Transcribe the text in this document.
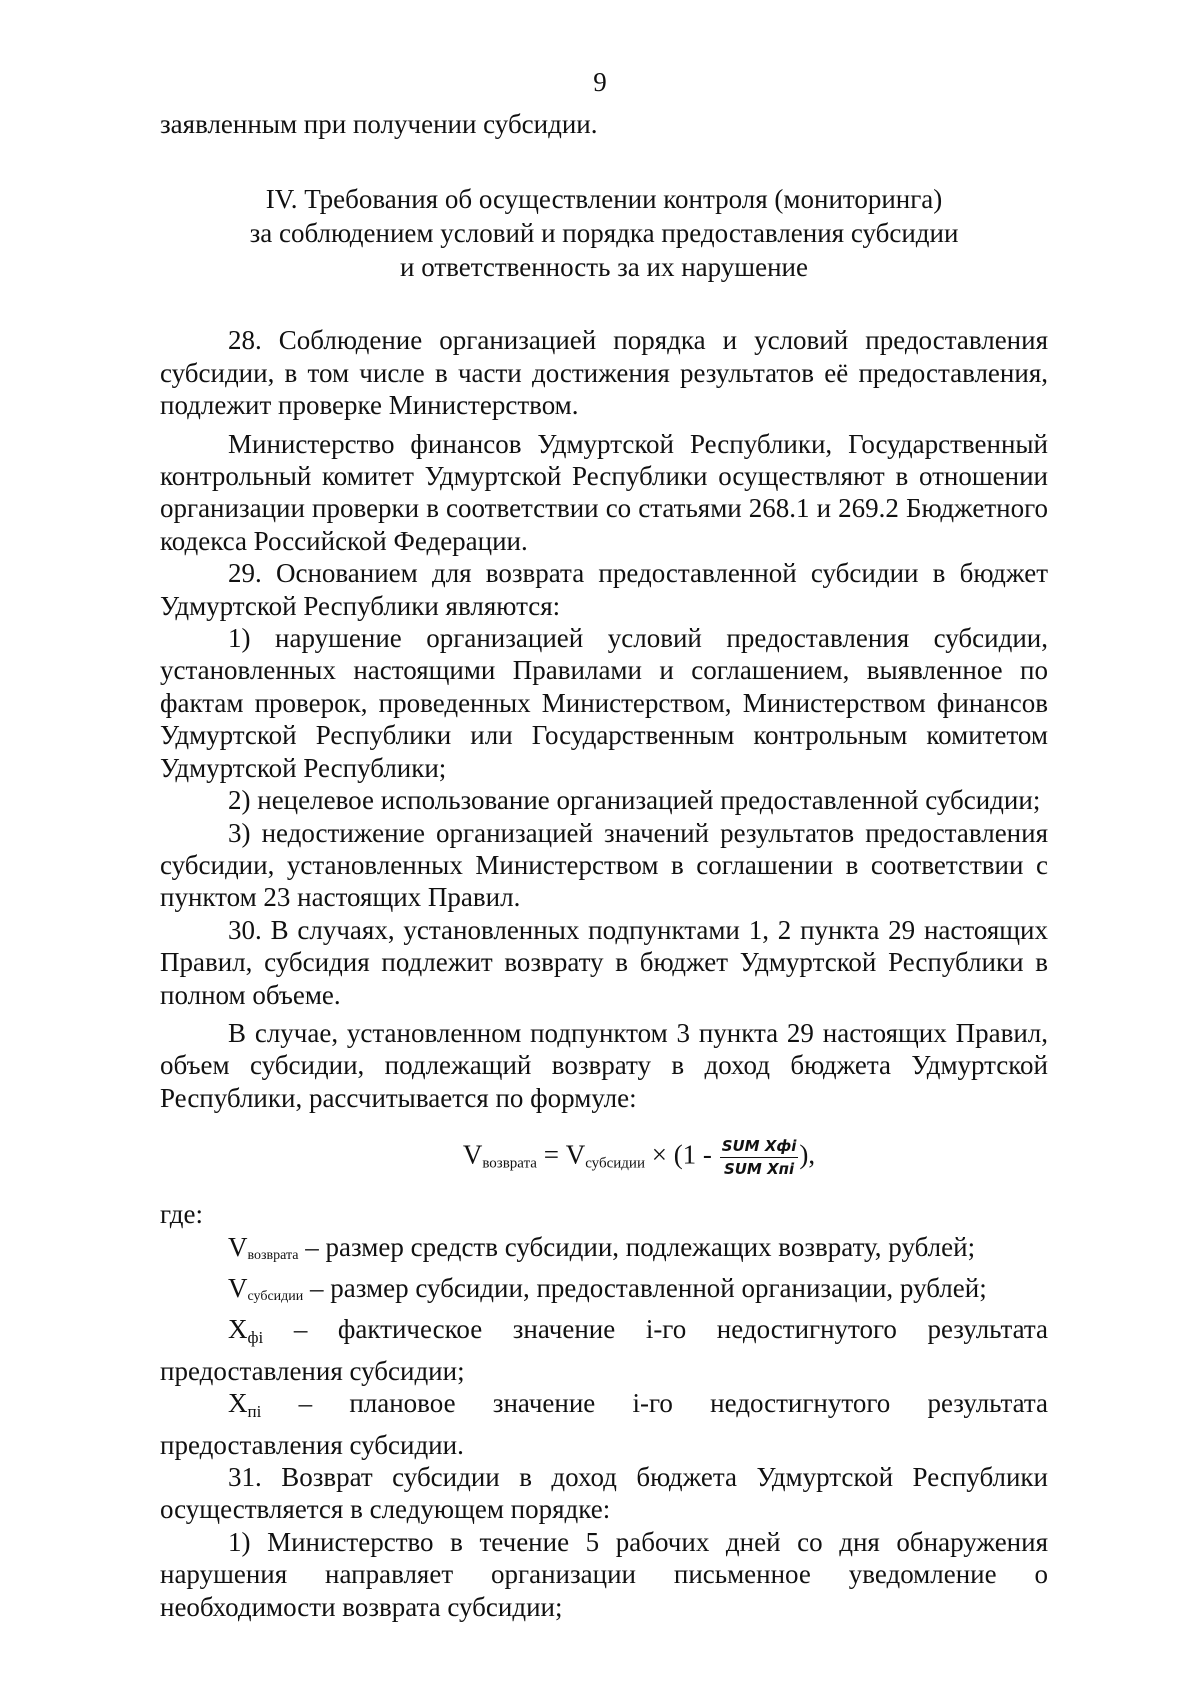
9

заявленным при получении субсидии.

IV. Требования об осуществлении контроля (мониторинга)
за соблюдением условий и порядка предоставления субсидии
и ответственность за их нарушение

28. Соблюдение организацией порядка и условий предоставления субсидии, в том числе в части достижения результатов её предоставления, подлежит проверке Министерством.

Министерство финансов Удмуртской Республики, Государственный контрольный комитет Удмуртской Республики осуществляют в отношении организации проверки в соответствии со статьями 268.1 и 269.2 Бюджетного кодекса Российской Федерации.

29. Основанием для возврата предоставленной субсидии в бюджет Удмуртской Республики являются:

1) нарушение организацией условий предоставления субсидии, установленных настоящими Правилами и соглашением, выявленное по фактам проверок, проведенных Министерством, Министерством финансов Удмуртской Республики или Государственным контрольным комитетом Удмуртской Республики;

2) нецелевое использование организацией предоставленной субсидии;

3) недостижение организацией значений результатов предоставления субсидии, установленных Министерством в соглашении в соответствии с пунктом 23 настоящих Правил.

30. В случаях, установленных подпунктами 1, 2 пункта 29 настоящих Правил, субсидия подлежит возврату в бюджет Удмуртской Республики в полном объеме.

В случае, установленном подпунктом 3 пункта 29 настоящих Правил, объем субсидии, подлежащий возврату в доход бюджета Удмуртской Республики, рассчитывается по формуле:

$V_{возврата} = V_{субсидии} \times (1 - \frac{\text{SUM Xфi}}{\text{SUM Xпi}}$ ),

где:

Vвозврата – размер средств субсидии, подлежащих возврату, рублей;

Vсубсидии – размер субсидии, предоставленной организации, рублей;

Xфi – фактическое значение i-го недостигнутого результата

предоставления субсидии;

Xпi – плановое значение i-го недостигнутого результата предоставления субсидии.

31. Возврат субсидии в доход бюджета Удмуртской Республики осуществляется в следующем порядке:

1) Министерство в течение 5 рабочих дней со дня обнаружения нарушения направляет организации письменное уведомление о необходимости возврата субсидии;
